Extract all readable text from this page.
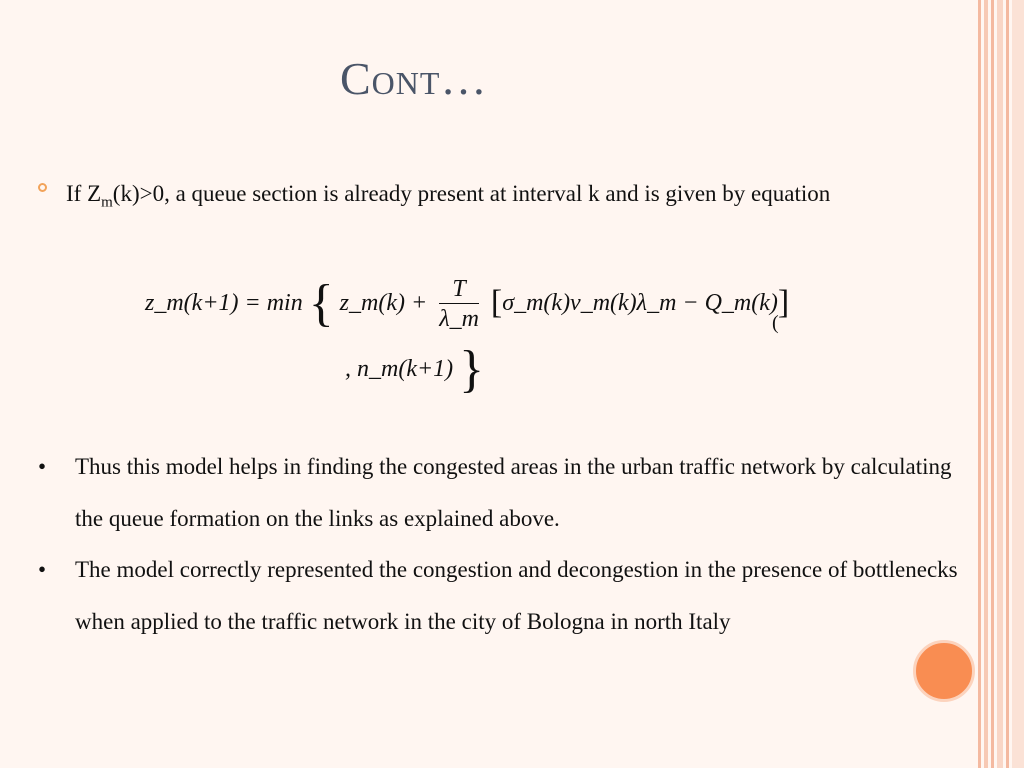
Cont…
If $Z_m(k)>0$, a queue section is already present at interval k and is given by equation
z_m(k+1) = min { z_m(k) + $\frac{T}{\lambda\_m}$ [σ_m(k)v_m(k)λ_m − Q_m(k)]
, n_m(k+1) }
(
• Thus this model helps in finding the congested areas in the urban traffic network by calculating the queue formation on the links as explained above.
• The model correctly represented the congestion and decongestion in the presence of bottlenecks when applied to the traffic network in the city of Bologna in north Italy
